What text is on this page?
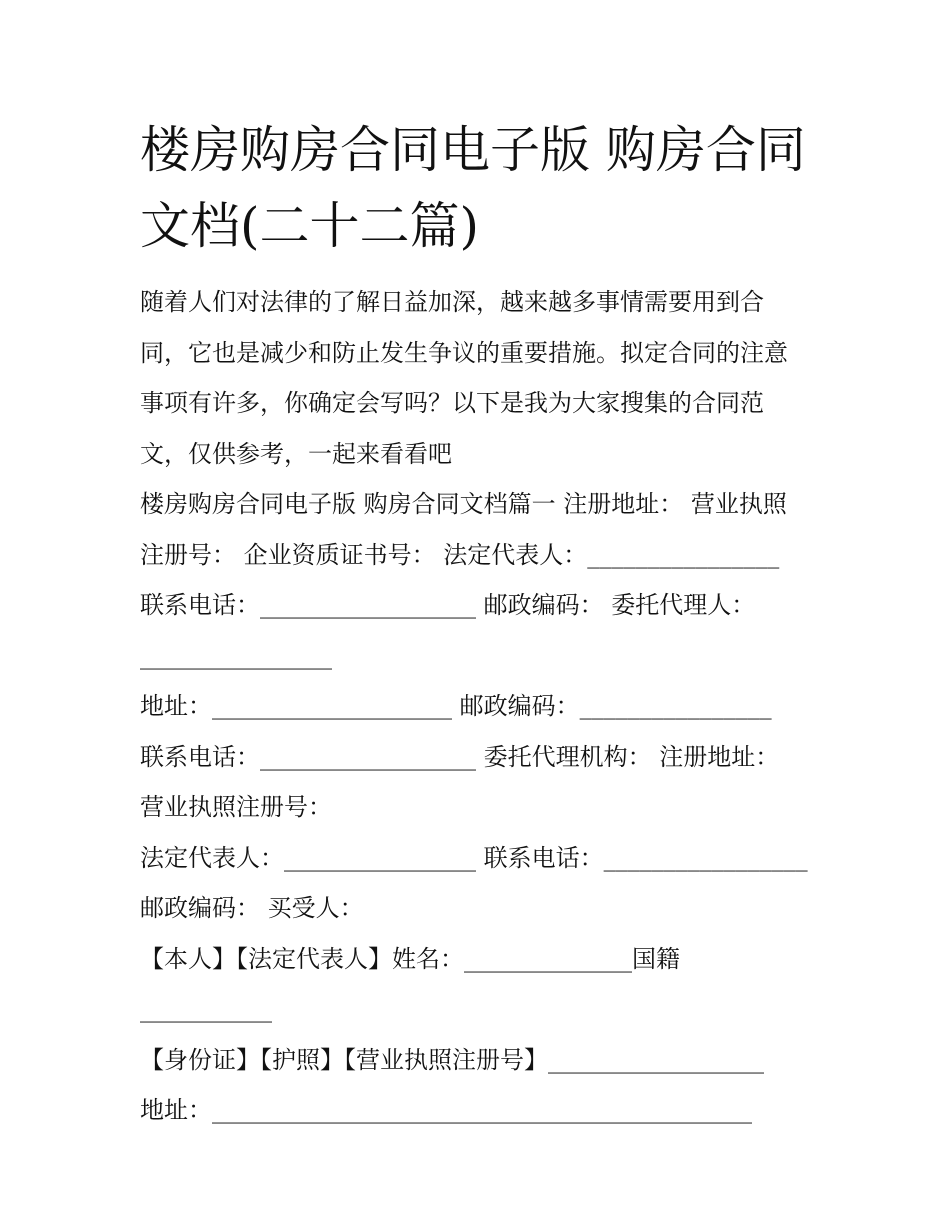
楼房购房合同电子版 购房合同
文档(二十二篇)
随着人们对法律的了解日益加深，越来越多事情需要用到合
同，它也是减少和防止发生争议的重要措施。拟定合同的注意
事项有许多，你确定会写吗？以下是我为大家搜集的合同范
文，仅供参考，一起来看看吧
楼房购房合同电子版 购房合同文档篇一 注册地址： 营业执照
注册号： 企业资质证书号： 法定代表人：________________
联系电话：__________________ 邮政编码： 委托代理人：
________________
地址：____________________ 邮政编码：________________
联系电话：__________________ 委托代理机构： 注册地址：
营业执照注册号：
法定代表人：________________ 联系电话：_________________
邮政编码： 买受人：
【本人】【法定代表人】姓名：______________国籍
___________
【身份证】【护照】【营业执照注册号】__________________
地址：_____________________________________________
